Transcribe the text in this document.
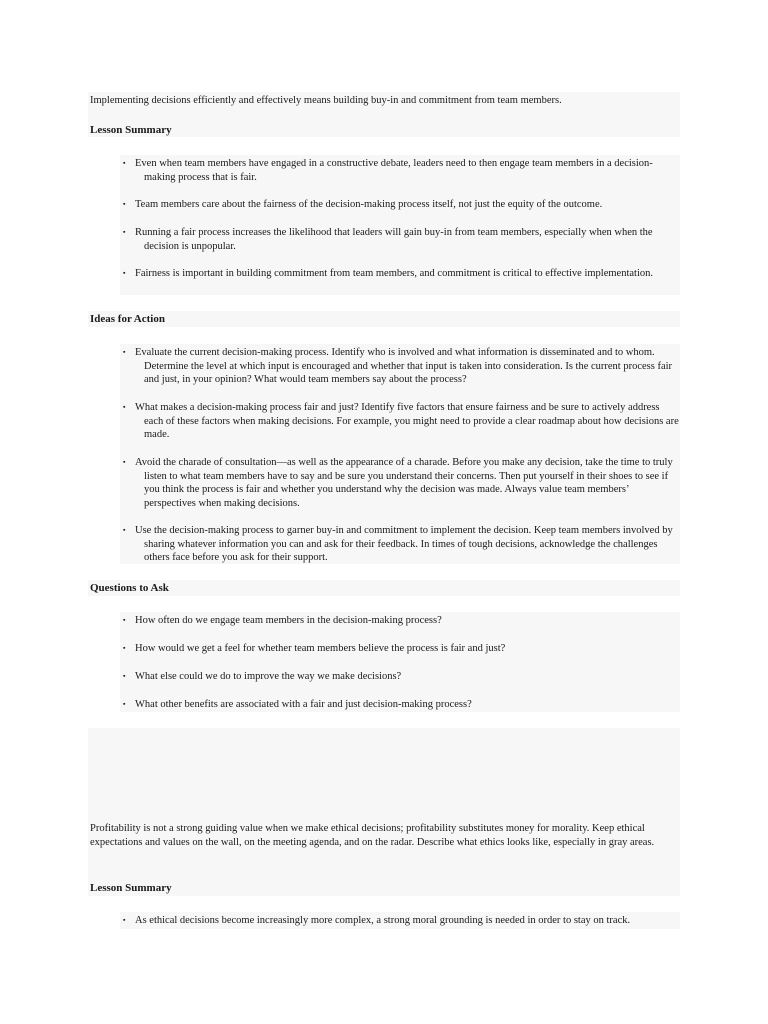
Implementing decisions efficiently and effectively means building buy-in and commitment from team members.
Lesson Summary
▪ Even when team members have engaged in a constructive debate, leaders need to then engage team members in a decision-making process that is fair.
▪ Team members care about the fairness of the decision-making process itself, not just the equity of the outcome.
▪ Running a fair process increases the likelihood that leaders will gain buy-in from team members, especially when when the decision is unpopular.
▪ Fairness is important in building commitment from team members, and commitment is critical to effective implementation.
Ideas for Action
▪ Evaluate the current decision-making process. Identify who is involved and what information is disseminated and to whom. Determine the level at which input is encouraged and whether that input is taken into consideration. Is the current process fair and just, in your opinion? What would team members say about the process?
▪ What makes a decision-making process fair and just? Identify five factors that ensure fairness and be sure to actively address each of these factors when making decisions. For example, you might need to provide a clear roadmap about how decisions are made.
▪ Avoid the charade of consultation—as well as the appearance of a charade. Before you make any decision, take the time to truly listen to what team members have to say and be sure you understand their concerns. Then put yourself in their shoes to see if you think the process is fair and whether you understand why the decision was made. Always value team members’ perspectives when making decisions.
▪ Use the decision-making process to garner buy-in and commitment to implement the decision. Keep team members involved by sharing whatever information you can and ask for their feedback. In times of tough decisions, acknowledge the challenges others face before you ask for their support.
Questions to Ask
▪ How often do we engage team members in the decision-making process?
▪ How would we get a feel for whether team members believe the process is fair and just?
▪ What else could we do to improve the way we make decisions?
▪ What other benefits are associated with a fair and just decision-making process?
Profitability is not a strong guiding value when we make ethical decisions; profitability substitutes money for morality. Keep ethical expectations and values on the wall, on the meeting agenda, and on the radar. Describe what ethics looks like, especially in gray areas.
Lesson Summary
▪ As ethical decisions become increasingly more complex, a strong moral grounding is needed in order to stay on track.
